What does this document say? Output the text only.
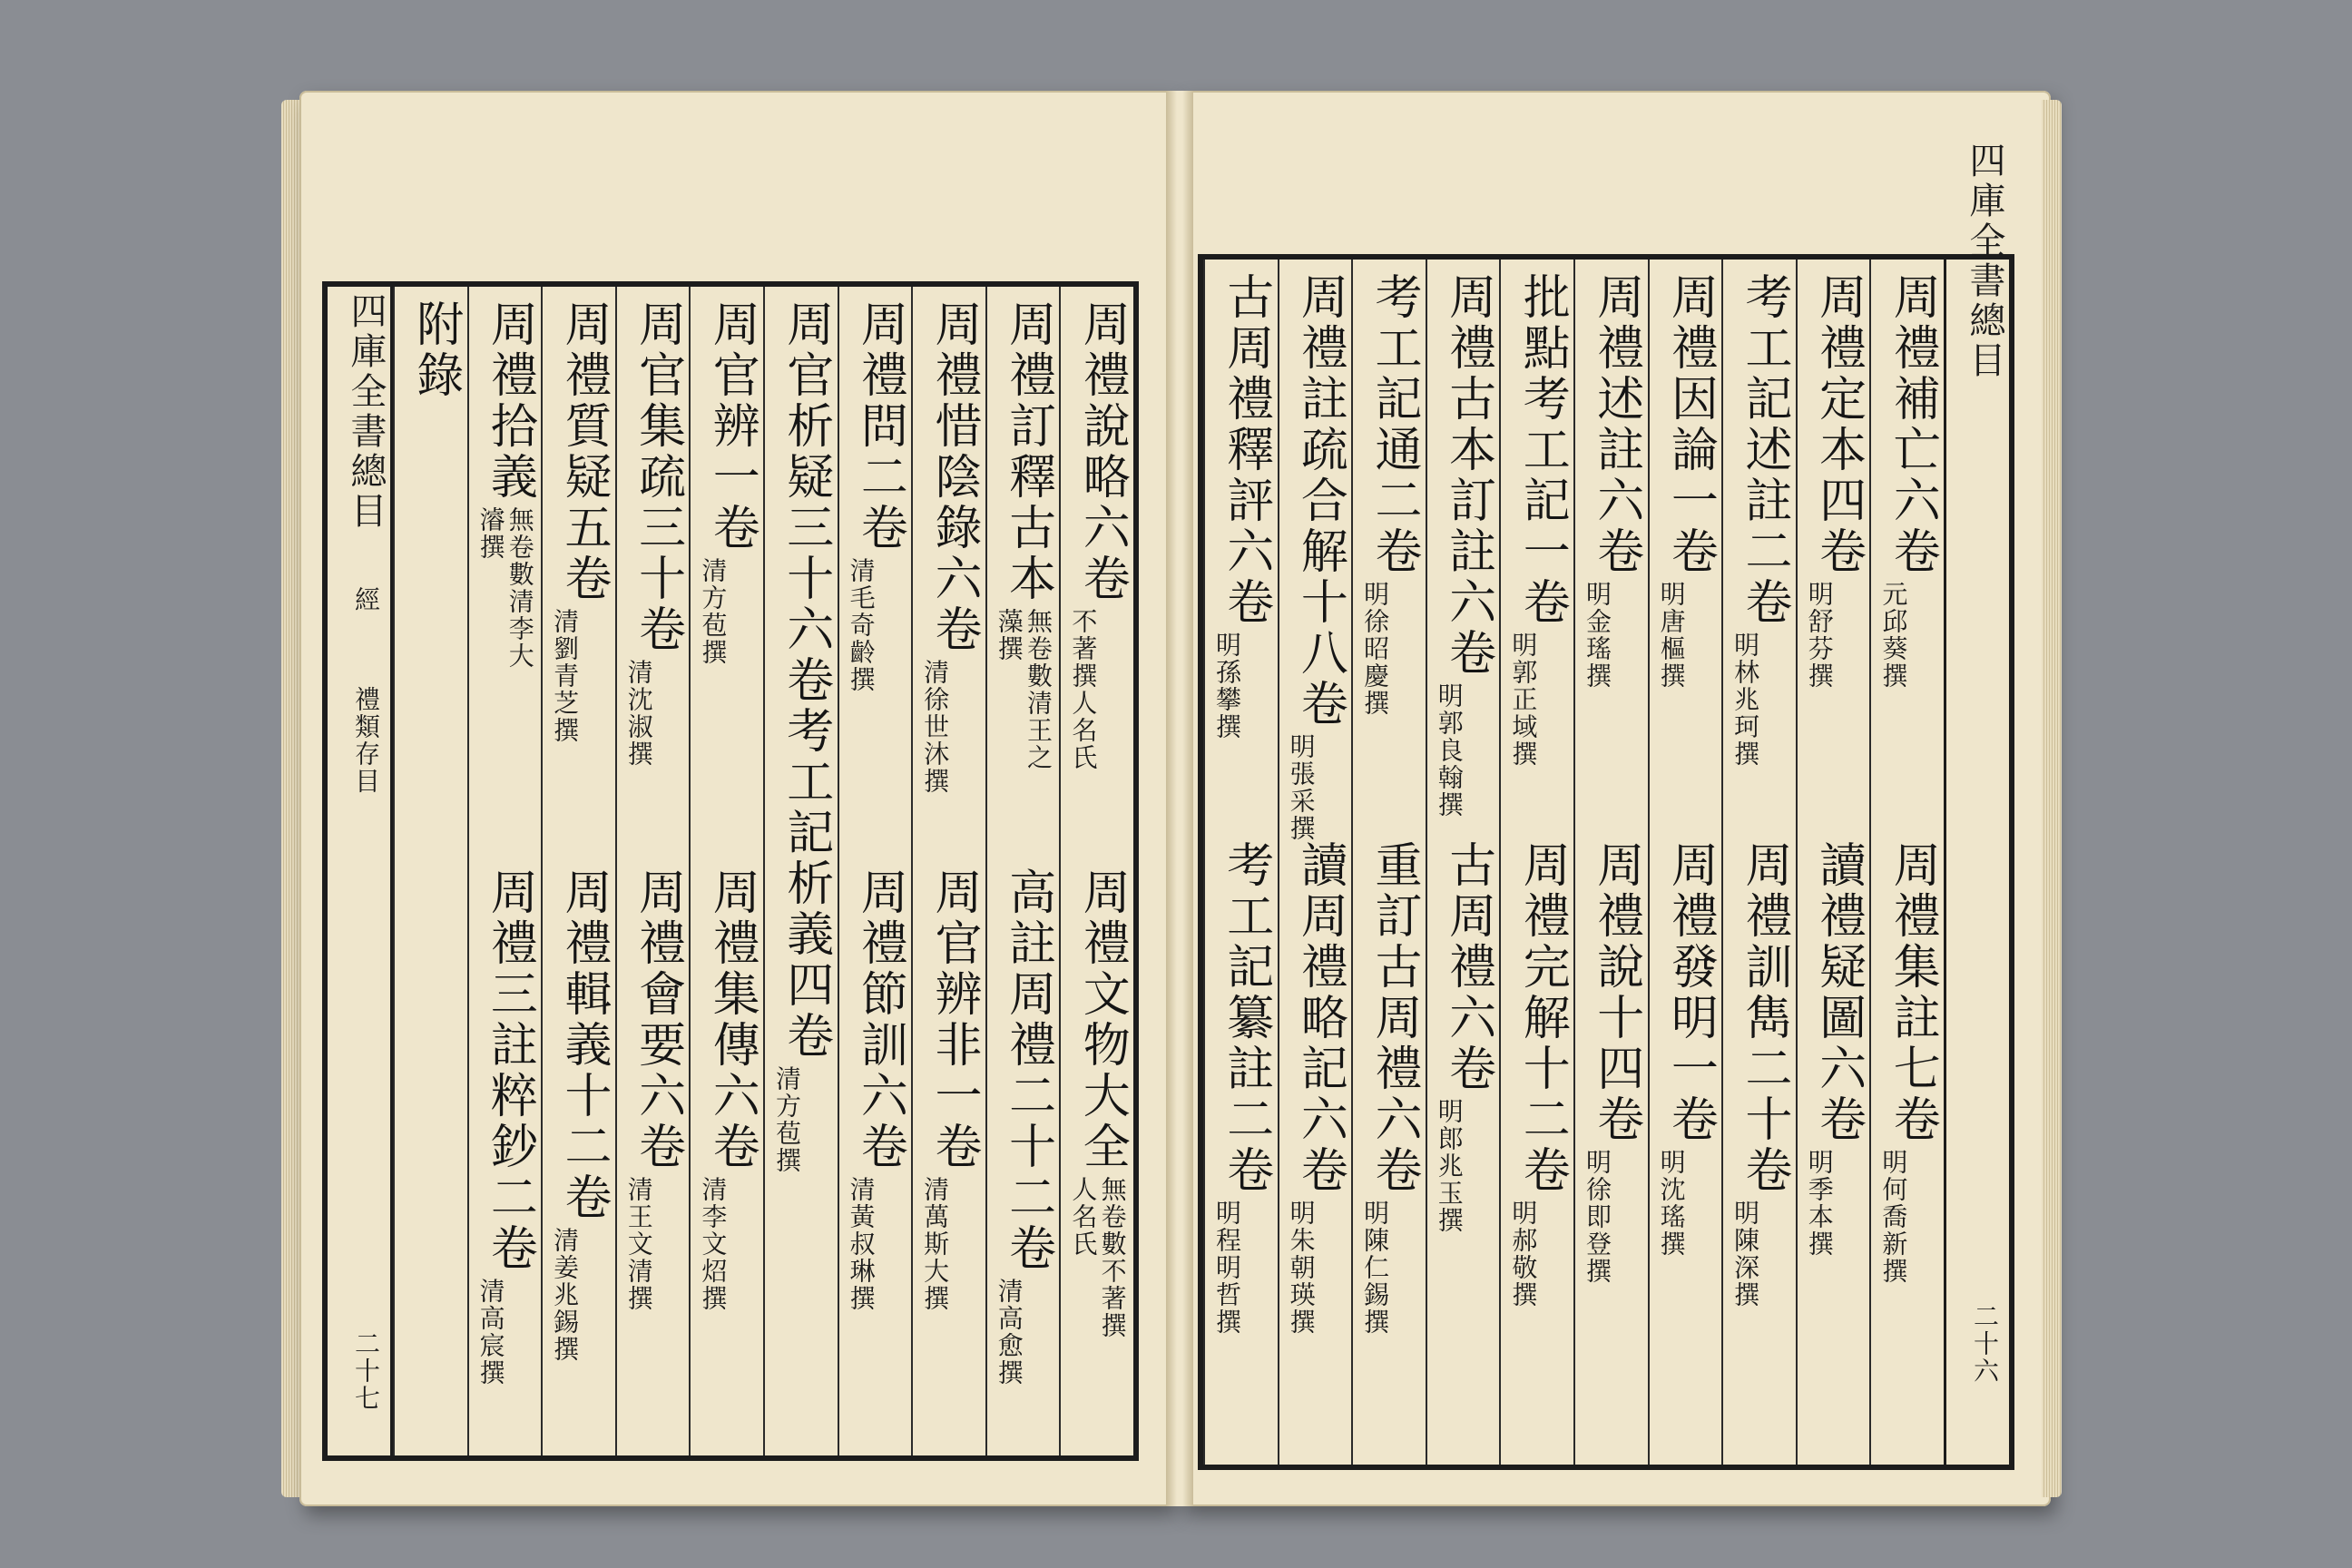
四庫全書總目
經
禮類存目
二十七
周禮說略六卷
不著撰人名氏
周禮文物大全
無卷數不著撰人名氏
周禮訂釋古本
無卷數清王之藻撰
高註周禮二十二卷
清高愈撰
周禮惜陰錄六卷
清徐世沐撰
周官辨非一卷
清萬斯大撰
周禮問二卷
清毛奇齡撰
周禮節訓六卷
清黃叔琳撰
周官析疑三十六卷考工記析義四卷
清方苞撰
周官辨一卷
清方苞撰
周禮集傳六卷
清李文炤撰
周官集疏三十卷
清沈淑撰
周禮會要六卷
清王文清撰
周禮質疑五卷
清劉青芝撰
周禮輯義十二卷
清姜兆錫撰
周禮拾義
無卷數清李大濬撰
周禮三註粹鈔二卷
清高宸撰
附錄	四庫全書總目
二十六
周禮補亡六卷
元邱葵撰
周禮集註七卷
明何喬新撰
周禮定本四卷
明舒芬撰
讀禮疑圖六卷
明季本撰
考工記述註二卷
明林兆珂撰
周禮訓雋二十卷
明陳深撰
周禮因論一卷
明唐樞撰
周禮發明一卷
明沈瑤撰
周禮述註六卷
明金瑤撰
周禮說十四卷
明徐即登撰
批點考工記一卷
明郭正域撰
周禮完解十二卷
明郝敬撰
周禮古本訂註六卷
明郭良翰撰
古周禮六卷
明郎兆玉撰
考工記通二卷
明徐昭慶撰
重訂古周禮六卷
明陳仁錫撰
周禮註疏合解十八卷
明張采撰
讀周禮略記六卷
明朱朝瑛撰
古周禮釋評六卷
明孫攀撰
考工記纂註二卷
明程明哲撰
